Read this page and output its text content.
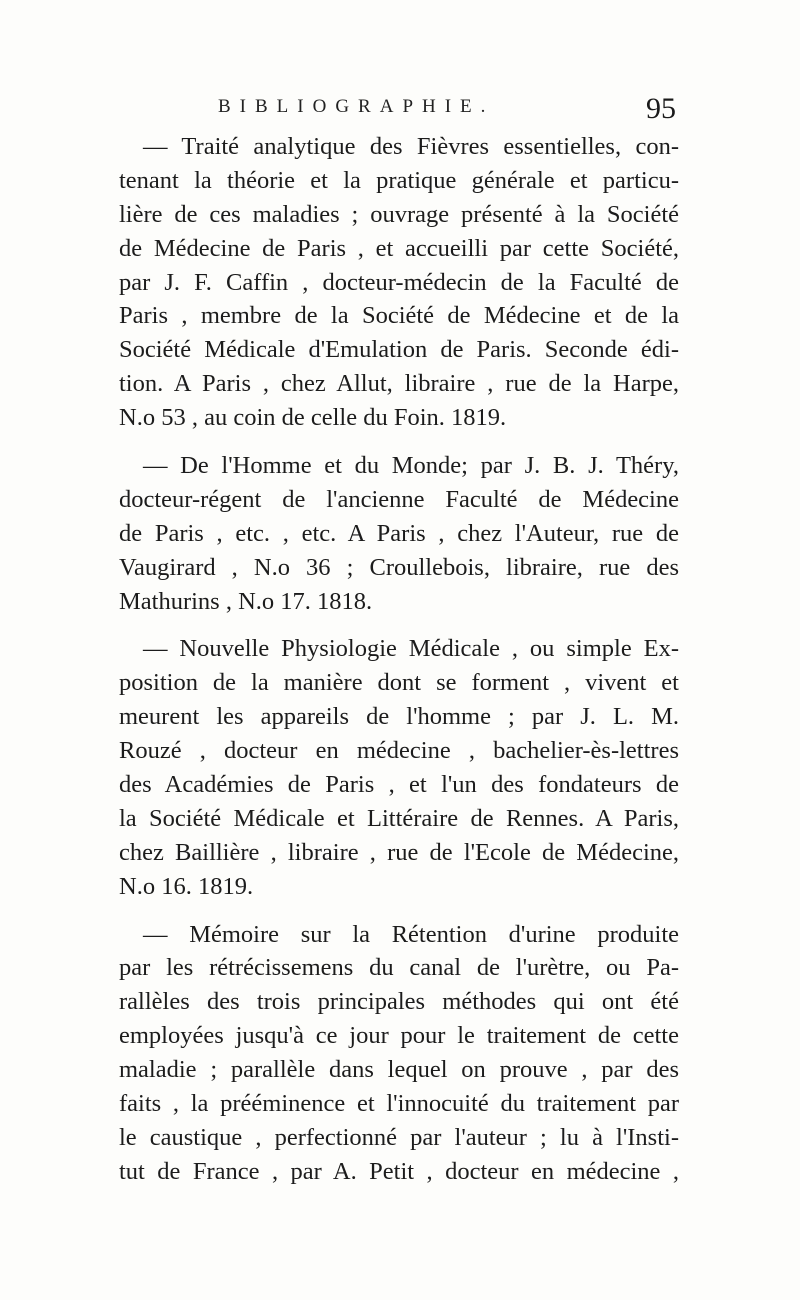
BIBLIOGRAPHIE.	95
— Traité analytique des Fièvres essentielles, con-
tenant la théorie et la pratique générale et particu-
lière de ces maladies ; ouvrage présenté à la Société
de Médecine de Paris , et accueilli par cette Société,
par J. F. Caffin , docteur-médecin de la Faculté de
Paris , membre de la Société de Médecine et de la
Société Médicale d'Emulation de Paris. Seconde édi-
tion. A Paris , chez Allut, libraire , rue de la Harpe,
N.o 53 , au coin de celle du Foin. 1819.
— De l'Homme et du Monde; par J. B. J. Théry,
docteur-régent de l'ancienne Faculté de Médecine
de Paris , etc. , etc. A Paris , chez l'Auteur, rue de
Vaugirard , N.o 36 ; Croullebois, libraire, rue des
Mathurins , N.o 17. 1818.
— Nouvelle Physiologie Médicale , ou simple Ex-
position de la manière dont se forment , vivent et
meurent les appareils de l'homme ; par J. L. M.
Rouzé , docteur en médecine , bachelier-ès-lettres
des Académies de Paris , et l'un des fondateurs de
la Société Médicale et Littéraire de Rennes. A Paris,
chez Baillière , libraire , rue de l'Ecole de Médecine,
N.o 16. 1819.
— Mémoire sur la Rétention d'urine produite
par les rétrécissemens du canal de l'urètre, ou Pa-
rallèles des trois principales méthodes qui ont été
employées jusqu'à ce jour pour le traitement de cette
maladie ; parallèle dans lequel on prouve , par des
faits , la prééminence et l'innocuité du traitement par
le caustique , perfectionné par l'auteur ; lu à l'Insti-
tut de France , par A. Petit , docteur en médecine ,
